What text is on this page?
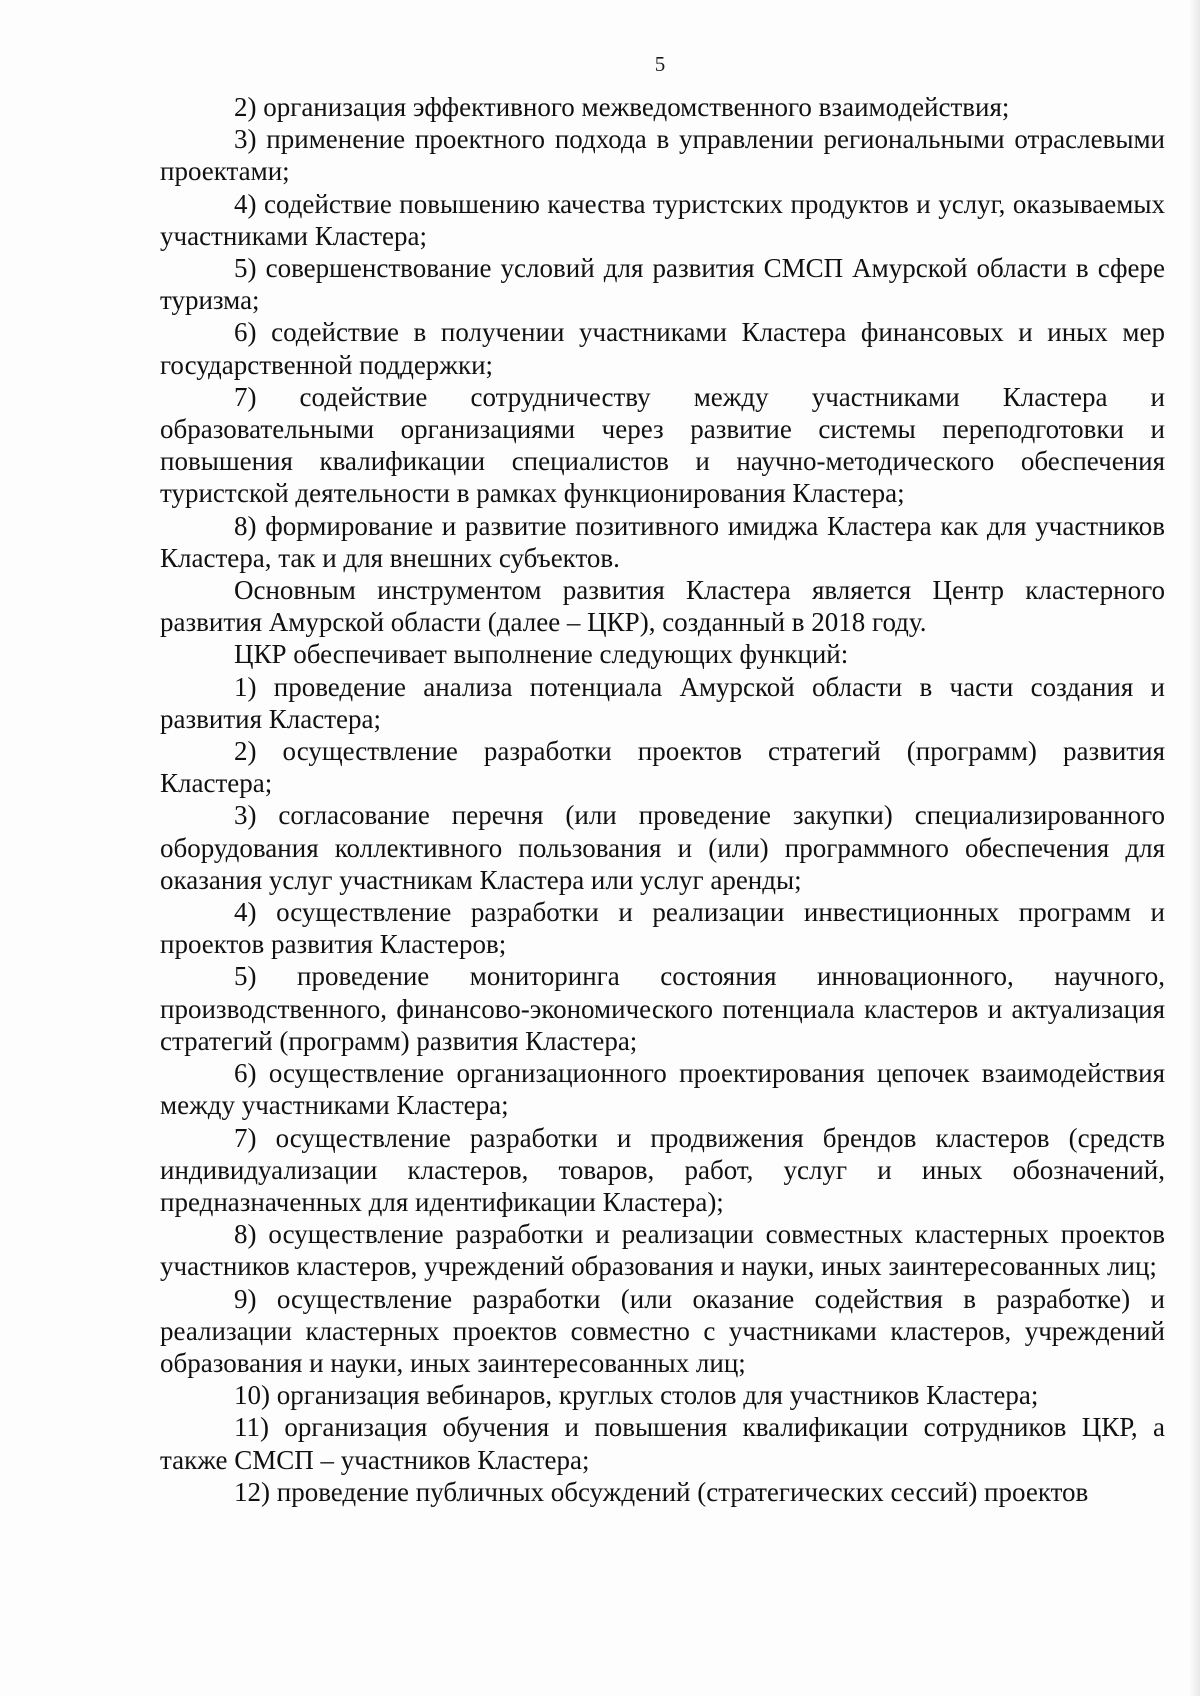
5

2) организация эффективного межведомственного взаимодействия;

3) применение проектного подхода в управлении региональными отраслевыми проектами;

4) содействие повышению качества туристских продуктов и услуг, оказываемых участниками Кластера;

5) совершенствование условий для развития СМСП Амурской области в сфере туризма;

6) содействие в получении участниками Кластера финансовых и иных мер государственной поддержки;

7) содействие сотрудничеству между участниками Кластера и образовательными организациями через развитие системы переподготовки и повышения квалификации специалистов и научно-методического обеспечения туристской деятельности в рамках функционирования Кластера;

8) формирование и развитие позитивного имиджа Кластера как для участников Кластера, так и для внешних субъектов.

Основным инструментом развития Кластера является Центр кластерного развития Амурской области (далее – ЦКР), созданный в 2018 году.

ЦКР обеспечивает выполнение следующих функций:

1) проведение анализа потенциала Амурской области в части создания и развития Кластера;

2) осуществление разработки проектов стратегий (программ) развития Кластера;

3) согласование перечня (или проведение закупки) специализированного оборудования коллективного пользования и (или) программного обеспечения для оказания услуг участникам Кластера или услуг аренды;

4) осуществление разработки и реализации инвестиционных программ и проектов развития Кластеров;

5) проведение мониторинга состояния инновационного, научного, производственного, финансово-экономического потенциала кластеров и актуализация стратегий (программ) развития Кластера;

6) осуществление организационного проектирования цепочек взаимодействия между участниками Кластера;

7) осуществление разработки и продвижения брендов кластеров (средств индивидуализации кластеров, товаров, работ, услуг и иных обозначений, предназначенных для идентификации Кластера);

8) осуществление разработки и реализации совместных кластерных проектов участников кластеров, учреждений образования и науки, иных заинтересованных лиц;

9) осуществление разработки (или оказание содействия в разработке) и реализации кластерных проектов совместно с участниками кластеров, учреждений образования и науки, иных заинтересованных лиц;

10) организация вебинаров, круглых столов для участников Кластера;

11) организация обучения и повышения квалификации сотрудников ЦКР, а также СМСП – участников Кластера;

12) проведение публичных обсуждений (стратегических сессий) проектов
